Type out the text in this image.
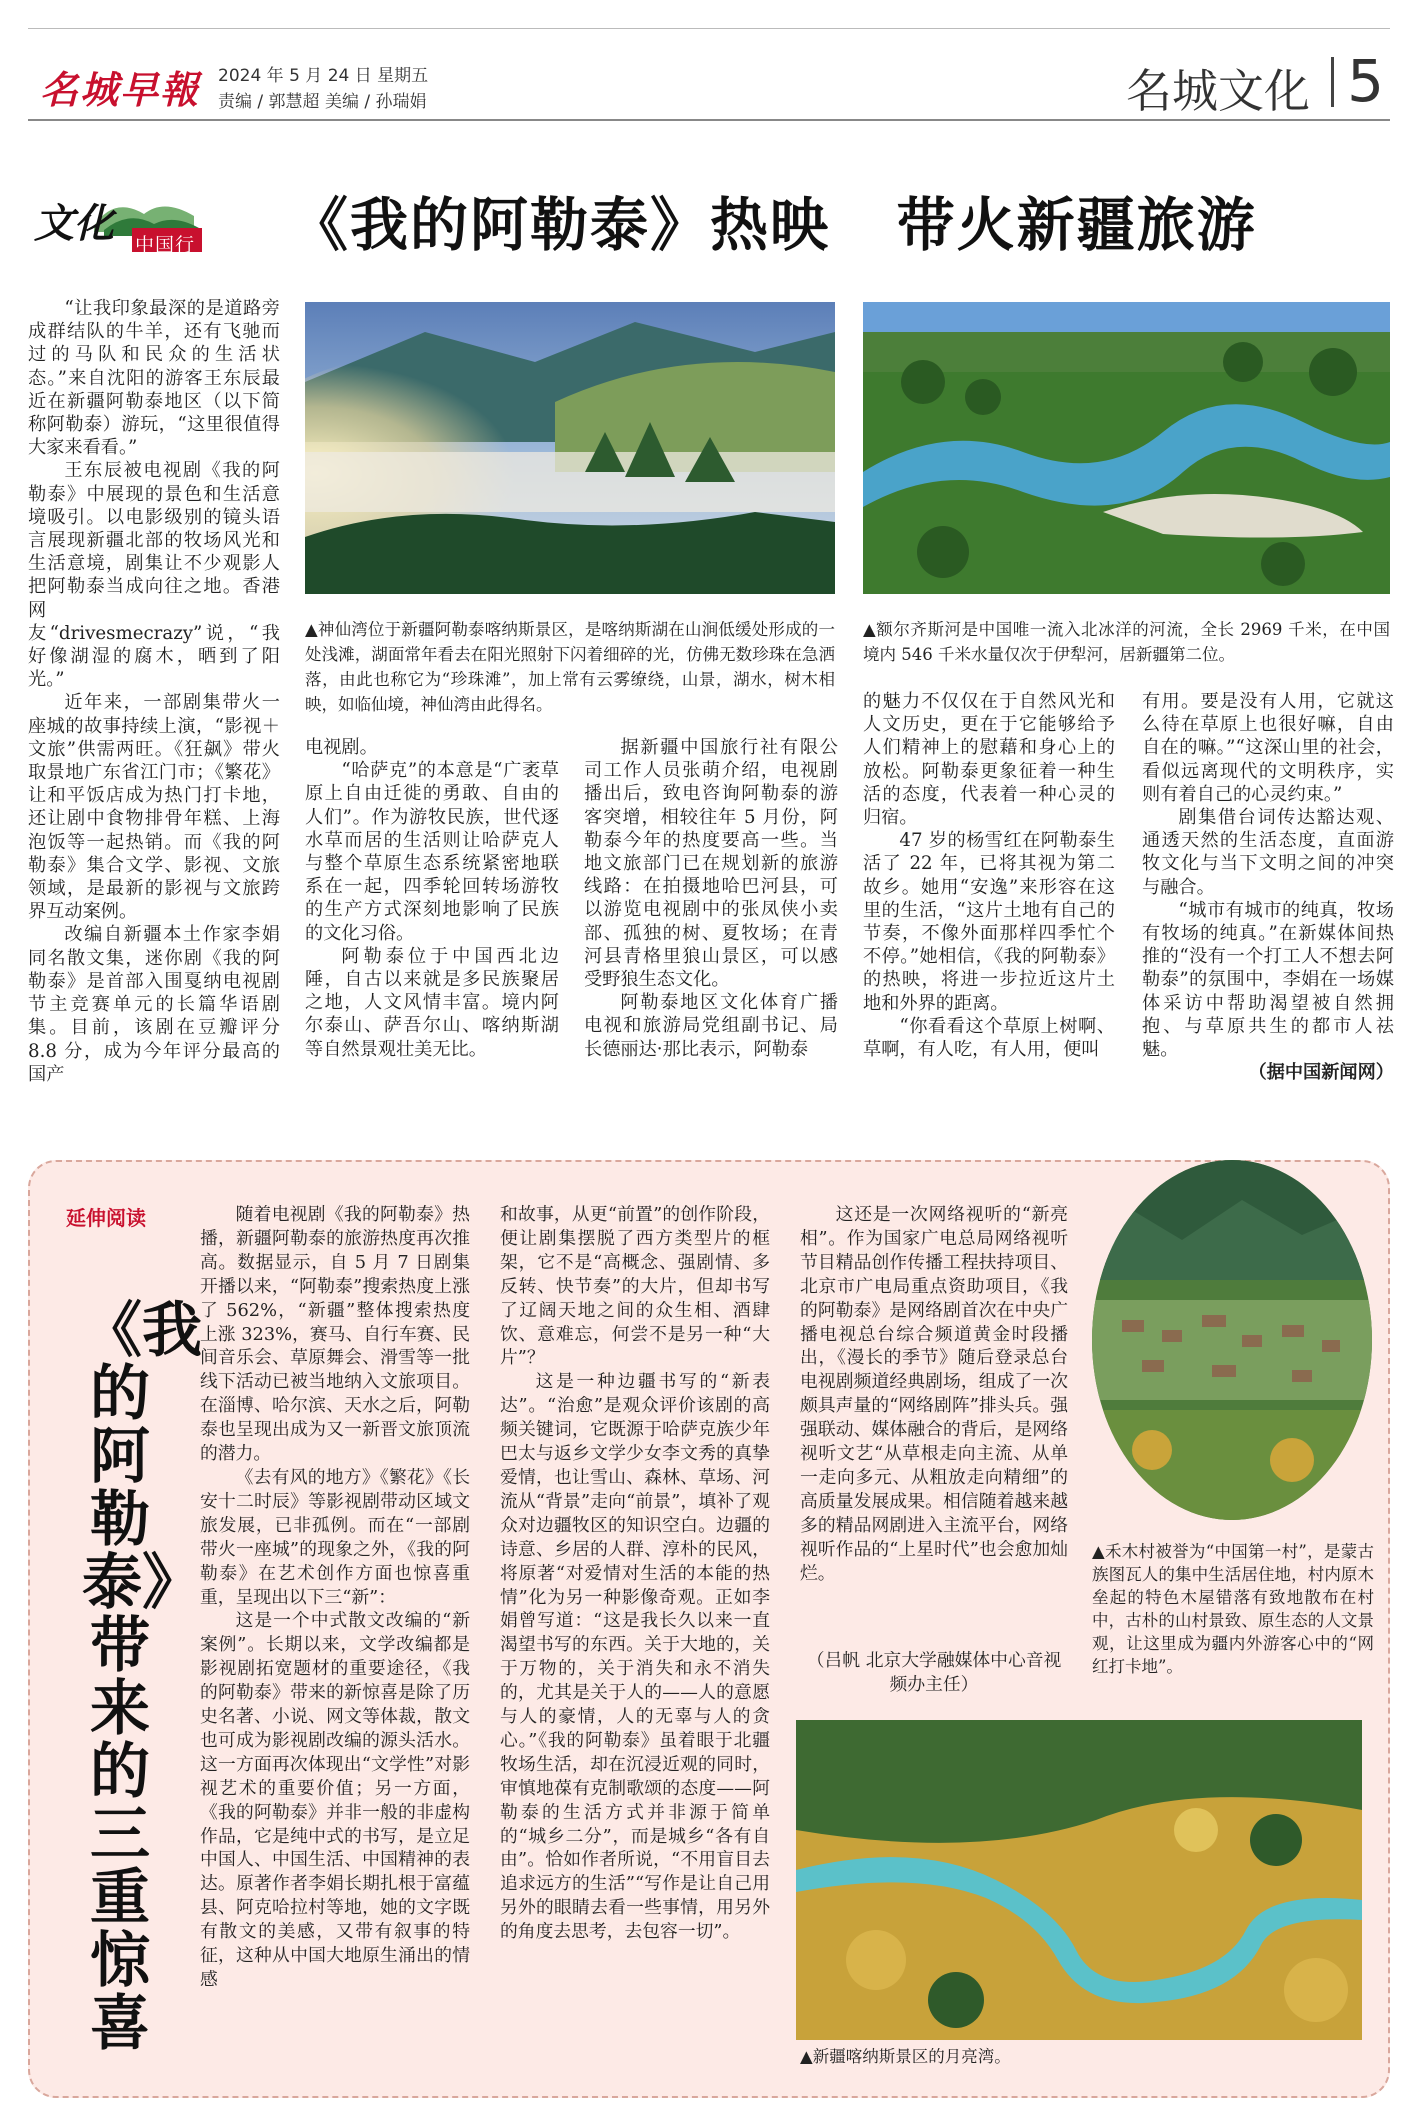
名城早報 2024 年 5 月 24 日 星期五
责编 / 郭慧超 美编 / 孙瑞娟	名城文化 5
文化 中国行 《我的阿勒泰》热映   带火新疆旅游

“让我印象最深的是道路旁成群结队的牛羊，还有飞驰而过的马队和民众的生活状态。”来自沈阳的游客王东辰最近在新疆阿勒泰地区（以下简称阿勒泰）游玩，“这里很值得大家来看看。”

王东辰被电视剧《我的阿勒泰》中展现的景色和生活意境吸引。以电影级别的镜头语言展现新疆北部的牧场风光和生活意境，剧集让不少观影人把阿勒泰当成向往之地。香港网友“drivesmecrazy”说，“我好像湖湿的腐木，晒到了阳光。”

近年来，一部剧集带火一座城的故事持续上演，“影视＋文旅”供需两旺。《狂飙》带火取景地广东省江门市；《繁花》让和平饭店成为热门打卡地，还让剧中食物排骨年糕、上海泡饭等一起热销。而《我的阿勒泰》集合文学、影视、文旅领域，是最新的影视与文旅跨界互动案例。

改编自新疆本土作家李娟同名散文集，迷你剧《我的阿勒泰》是首部入围戛纳电视剧节主竞赛单元的长篇华语剧集。目前，该剧在豆瓣评分 8.8 分，成为今年评分最高的国产

▲神仙湾位于新疆阿勒泰喀纳斯景区，是喀纳斯湖在山涧低缓处形成的一处浅滩，湖面常年看去在阳光照射下闪着细碎的光，仿佛无数珍珠在急洒落，由此也称它为“珍珠滩”，加上常有云雾缭绕，山景，湖水，树木相映，如临仙境，神仙湾由此得名。
▲额尔齐斯河是中国唯一流入北冰洋的河流，全长 2969 千米，在中国境内 546 千米水量仅次于伊犁河，居新疆第二位。

电视剧。

“哈萨克”的本意是“广袤草原上自由迁徙的勇敢、自由的人们”。作为游牧民族，世代逐水草而居的生活则让哈萨克人与整个草原生态系统紧密地联系在一起，四季轮回转场游牧的生产方式深刻地影响了民族的文化习俗。

阿勒泰位于中国西北边陲，自古以来就是多民族聚居之地，人文风情丰富。境内阿尔泰山、萨吾尔山、喀纳斯湖等自然景观壮美无比。

据新疆中国旅行社有限公司工作人员张萌介绍，电视剧播出后，致电咨询阿勒泰的游客突增，相较往年 5 月份，阿勒泰今年的热度要高一些。当地文旅部门已在规划新的旅游线路：在拍摄地哈巴河县，可以游览电视剧中的张凤侠小卖部、孤独的树、夏牧场；在青河县青格里狼山景区，可以感受野狼生态文化。

阿勒泰地区文化体育广播电视和旅游局党组副书记、局长德丽达·那比表示，阿勒泰

的魅力不仅仅在于自然风光和人文历史，更在于它能够给予人们精神上的慰藉和身心上的放松。阿勒泰更象征着一种生活的态度，代表着一种心灵的归宿。

47 岁的杨雪红在阿勒泰生活了 22 年，已将其视为第二故乡。她用“安逸”来形容在这里的生活，“这片土地有自己的节奏，不像外面那样四季忙个不停。”她相信，《我的阿勒泰》的热映，将进一步拉近这片土地和外界的距离。

“你看看这个草原上树啊、草啊，有人吃，有人用，便叫

有用。要是没有人用，它就这么待在草原上也很好嘛，自由自在的嘛。”“这深山里的社会，看似远离现代的文明秩序，实则有着自己的心灵约束。”

剧集借台词传达豁达观、通透天然的生活态度，直面游牧文化与当下文明之间的冲突与融合。

“城市有城市的纯真，牧场有牧场的纯真。”在新媒体间热推的“没有一个打工人不想去阿勒泰”的氛围中，李娟在一场媒体采访中帮助渴望被自然拥抱、与草原共生的都市人祛魅。

（据中国新闻网）

延伸阅读
《我的阿勒泰》带来的三重惊喜

随着电视剧《我的阿勒泰》热播，新疆阿勒泰的旅游热度再次推高。数据显示，自 5 月 7 日剧集开播以来，“阿勒泰”搜索热度上涨了 562%，“新疆”整体搜索热度上涨 323%，赛马、自行车赛、民间音乐会、草原舞会、滑雪等一批线下活动已被当地纳入文旅项目。在淄博、哈尔滨、天水之后，阿勒泰也呈现出成为又一新晋文旅顶流的潜力。

《去有风的地方》《繁花》《长安十二时辰》等影视剧带动区域文旅发展，已非孤例。而在“一部剧带火一座城”的现象之外，《我的阿勒泰》在艺术创作方面也惊喜重重，呈现出以下三“新”：

这是一个中式散文改编的“新案例”。长期以来，文学改编都是影视剧拓宽题材的重要途径，《我的阿勒泰》带来的新惊喜是除了历史名著、小说、网文等体裁，散文也可成为影视剧改编的源头活水。这一方面再次体现出“文学性”对影视艺术的重要价值；另一方面，《我的阿勒泰》并非一般的非虚构作品，它是纯中式的书写，是立足中国人、中国生活、中国精神的表达。原著作者李娟长期扎根于富蕴县、阿克哈拉村等地，她的文字既有散文的美感，又带有叙事的特征，这种从中国大地原生涌出的情感

和故事，从更“前置”的创作阶段，便让剧集摆脱了西方类型片的框架，它不是“高概念、强剧情、多反转、快节奏”的大片，但却书写了辽阔天地之间的众生相、酒肆饮、意难忘，何尝不是另一种“大片”？

这是一种边疆书写的“新表达”。“治愈”是观众评价该剧的高频关键词，它既源于哈萨克族少年巴太与返乡文学少女李文秀的真挚爱情，也让雪山、森林、草场、河流从“背景”走向“前景”，填补了观众对边疆牧区的知识空白。边疆的诗意、乡居的人群、淳朴的民风，将原著“对爱情对生活的本能的热情”化为另一种影像奇观。正如李娟曾写道：“这是我长久以来一直渴望书写的东西。关于大地的，关于万物的，关于消失和永不消失的，尤其是关于人的——人的意愿与人的豪情，人的无辜与人的贪心。”《我的阿勒泰》虽着眼于北疆牧场生活，却在沉浸近观的同时，审慎地葆有克制歌颂的态度——阿勒泰的生活方式并非源于简单的“城乡二分”，而是城乡“各有自由”。恰如作者所说，“不用盲目去追求远方的生活”“写作是让自己用另外的眼睛去看一些事情，用另外的角度去思考，去包容一切”。

这还是一次网络视听的“新亮相”。作为国家广电总局网络视听节目精品创作传播工程扶持项目、北京市广电局重点资助项目，《我的阿勒泰》是网络剧首次在中央广播电视总台综合频道黄金时段播出，《漫长的季节》随后登录总台电视剧频道经典剧场，组成了一次颇具声量的“网络剧阵”排头兵。强强联动、媒体融合的背后，是网络视听文艺“从草根走向主流、从单一走向多元、从粗放走向精细”的高质量发展成果。相信随着越来越多的精品网剧进入主流平台，网络视听作品的“上星时代”也会愈加灿烂。

（吕帆 北京大学融媒体中心音视频办主任）
▲禾木村被誉为“中国第一村”，是蒙古族图瓦人的集中生活居住地，村内原木垒起的特色木屋错落有致地散布在村中，古朴的山村景致、原生态的人文景观，让这里成为疆内外游客心中的“网红打卡地”。
▲新疆喀纳斯景区的月亮湾。
